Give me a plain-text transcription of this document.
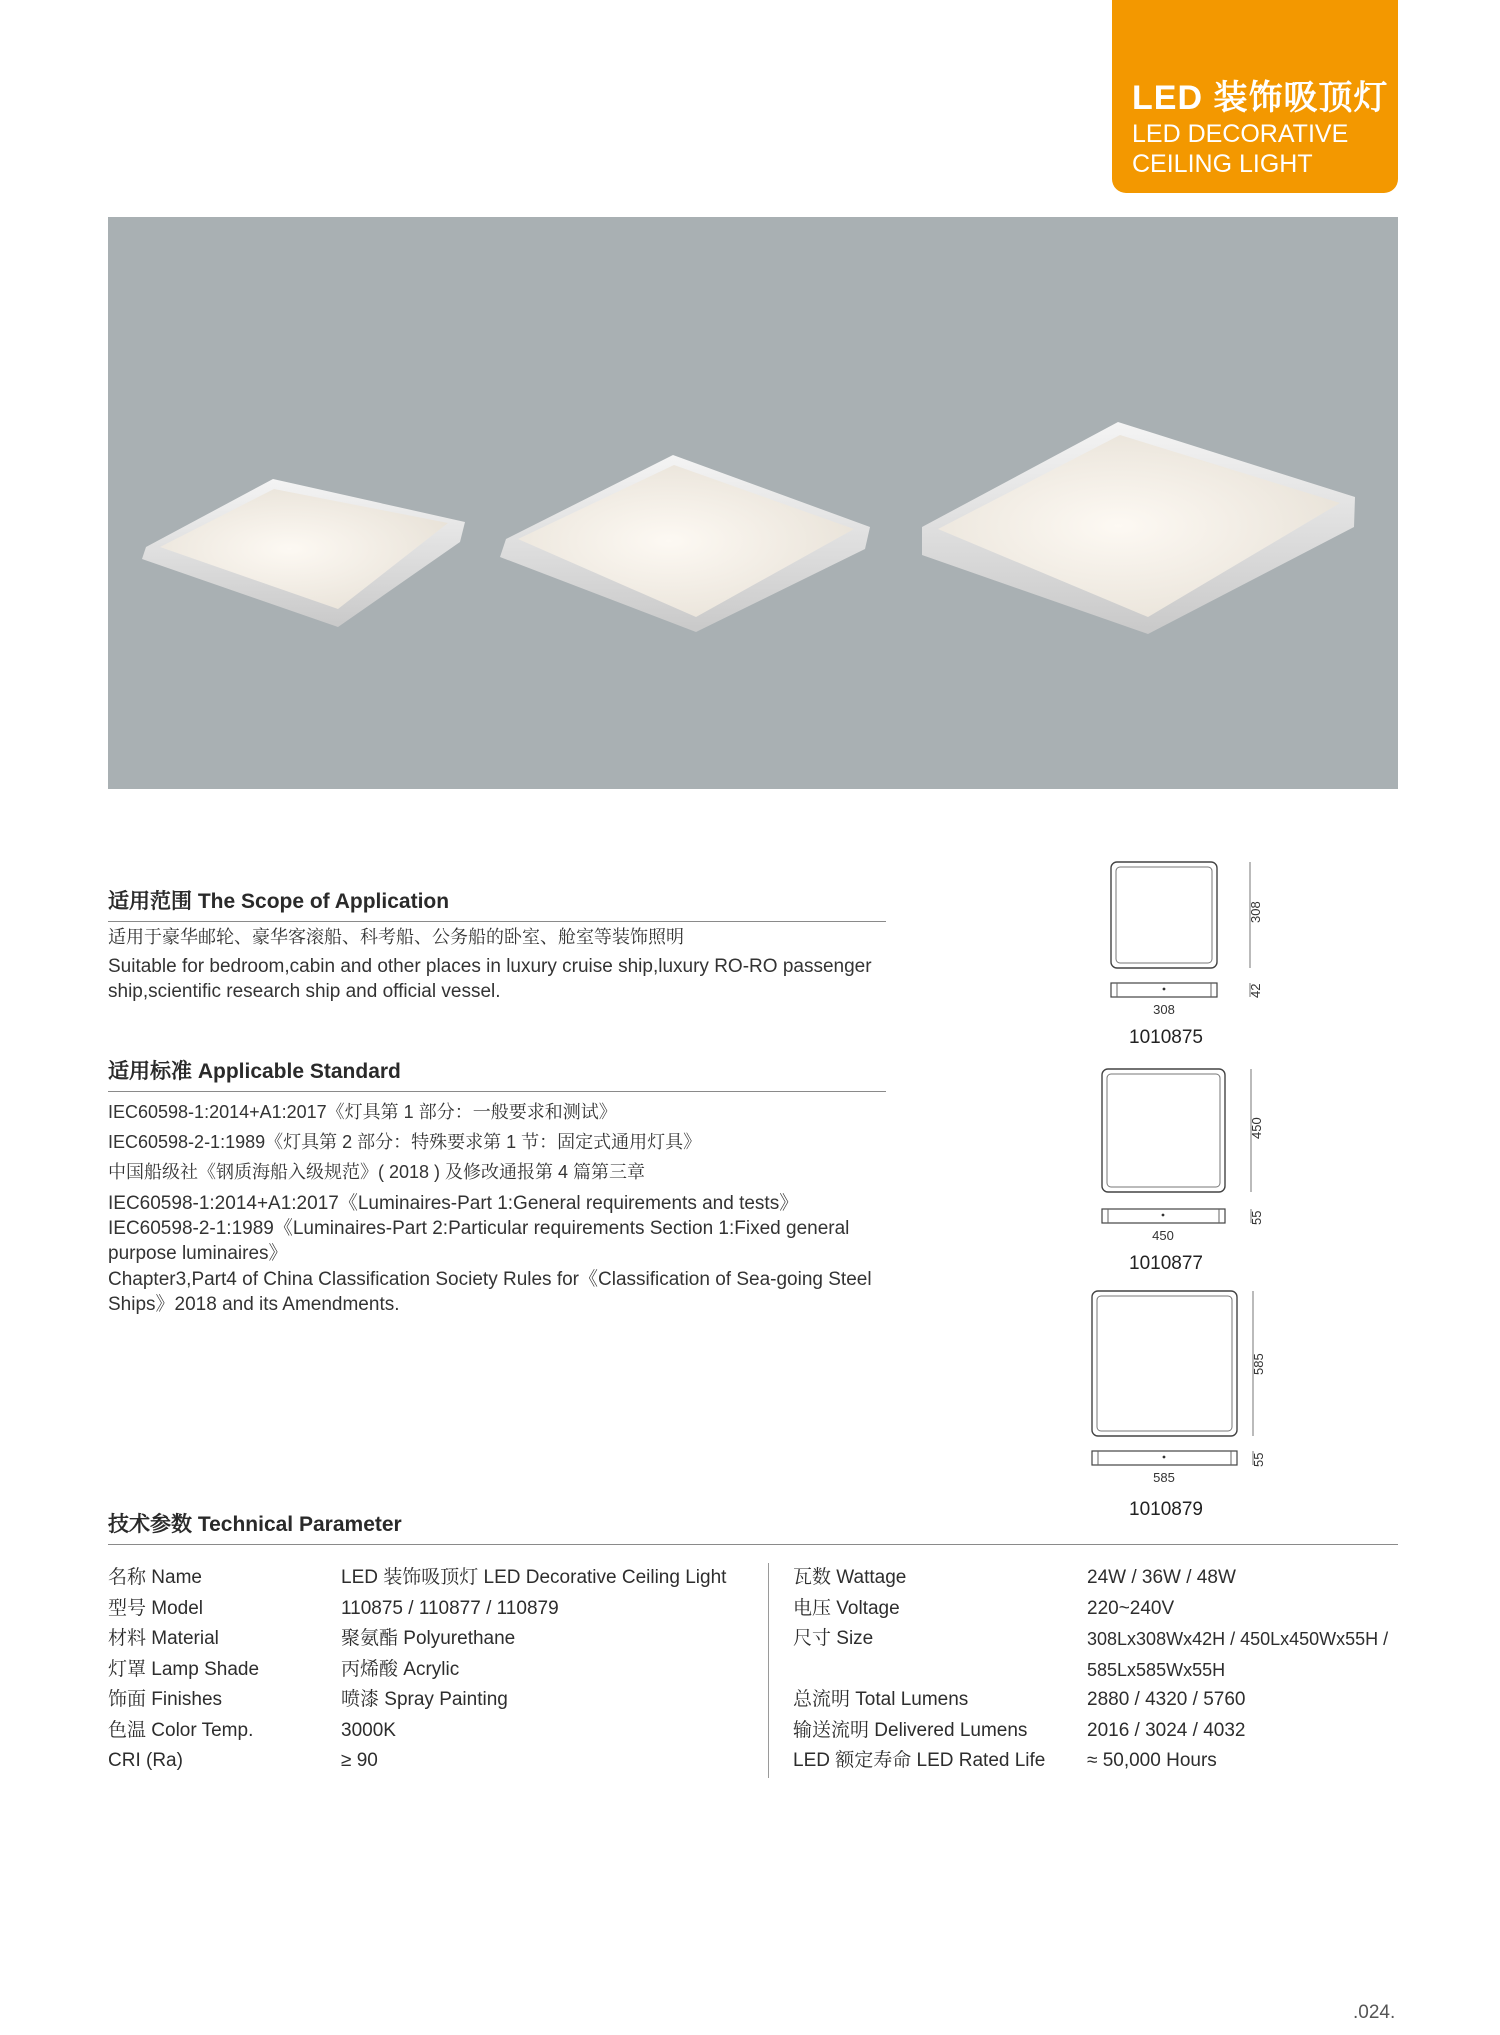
LED 装饰吸顶灯
LED DECORATIVE
CEILING LIGHT
适用范围 The Scope of Application
适用于豪华邮轮、豪华客滚船、科考船、公务船的卧室、舱室等装饰照明
Suitable for bedroom,cabin and other places in luxury cruise ship,luxury RO-RO passenger ship,scientific research ship and official vessel.
适用标准 Applicable Standard
IEC60598-1:2014+A1:2017《灯具第 1 部分：一般要求和测试》
IEC60598-2-1:1989《灯具第 2 部分：特殊要求第 1 节：固定式通用灯具》
中国船级社《钢质海船入级规范》( 2018 ) 及修改通报第 4 篇第三章
IEC60598-1:2014+A1:2017《Luminaires-Part 1:General requirements and tests》
IEC60598-2-1:1989《Luminaires-Part 2:Particular requirements Section 1:Fixed general purpose luminaires》
Chapter3,Part4 of China Classification Society Rules for《Classification of Sea-going Steel Ships》2018 and its Amendments.
308
42
308
1010875
450
55
450
1010877
585
55
585
1010879
技术参数 Technical Parameter
名称 Name
型号 Model
材料 Material
灯罩 Lamp Shade
饰面 Finishes
色温 Color Temp.
CRI (Ra)
LED 装饰吸顶灯 LED Decorative Ceiling Light
110875 / 110877 / 110879
聚氨酯 Polyurethane
丙烯酸 Acrylic
喷漆 Spray Painting
3000K
≥ 90
瓦数 Wattage
电压 Voltage
尺寸 Size
总流明 Total Lumens
输送流明 Delivered Lumens
LED 额定寿命 LED Rated Life
24W / 36W / 48W
220~240V
308Lx308Wx42H / 450Lx450Wx55H /
585Lx585Wx55H
2880 / 4320 / 5760
2016 / 3024 / 4032
≈ 50,000 Hours
.024.
